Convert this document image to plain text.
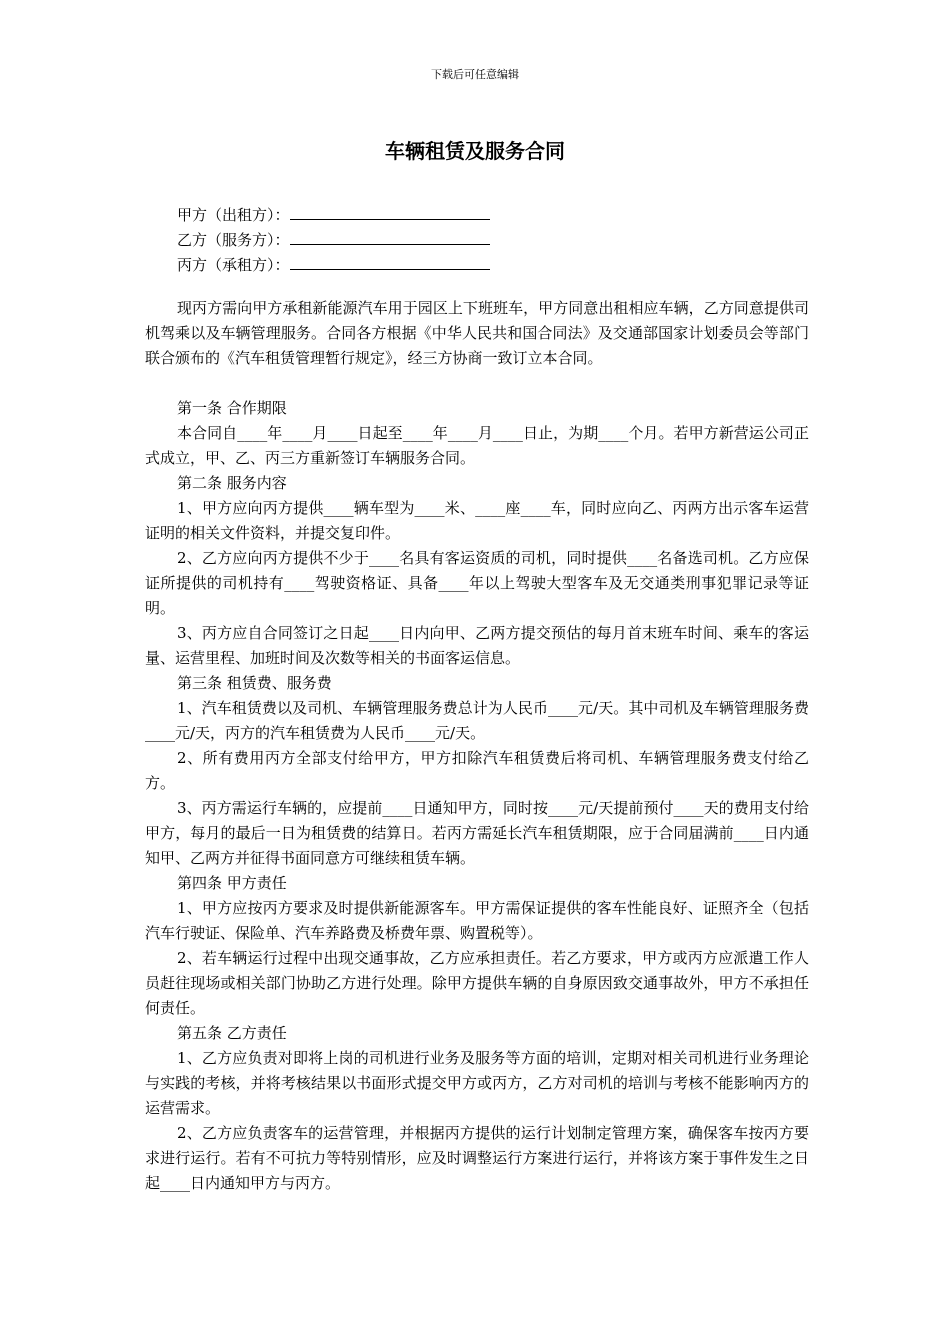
下载后可任意编辑
车辆租赁及服务合同
甲方（出租方）：
乙方（服务方）：
丙方（承租方）：

现丙方需向甲方承租新能源汽车用于园区上下班班车，甲方同意出租相应车辆，乙方同意提供司机驾乘以及车辆管理服务。合同各方根据《中华人民共和国合同法》及交通部国家计划委员会等部门联合颁布的《汽车租赁管理暂行规定》，经三方协商一致订立本合同。

第一条 合作期限

本合同自____年____月____日起至____年____月____日止，为期____个月。若甲方新营运公司正式成立，甲、乙、丙三方重新签订车辆服务合同。

第二条 服务内容

1、甲方应向丙方提供____辆车型为____米、____座____车，同时应向乙、丙两方出示客车运营证明的相关文件资料，并提交复印件。

2、乙方应向丙方提供不少于____名具有客运资质的司机，同时提供____名备选司机。乙方应保证所提供的司机持有____驾驶资格证、具备____年以上驾驶大型客车及无交通类刑事犯罪记录等证明。

3、丙方应自合同签订之日起____日内向甲、乙两方提交预估的每月首末班车时间、乘车的客运量、运营里程、加班时间及次数等相关的书面客运信息。

第三条 租赁费、服务费

1、汽车租赁费以及司机、车辆管理服务费总计为人民币____元/天。其中司机及车辆管理服务费____元/天，丙方的汽车租赁费为人民币____元/天。

2、所有费用丙方全部支付给甲方，甲方扣除汽车租赁费后将司机、车辆管理服务费支付给乙方。

3、丙方需运行车辆的，应提前____日通知甲方，同时按____元/天提前预付____天的费用支付给甲方，每月的最后一日为租赁费的结算日。若丙方需延长汽车租赁期限，应于合同届满前____日内通知甲、乙两方并征得书面同意方可继续租赁车辆。

第四条 甲方责任

1、甲方应按丙方要求及时提供新能源客车。甲方需保证提供的客车性能良好、证照齐全（包括汽车行驶证、保险单、汽车养路费及桥费年票、购置税等）。

2、若车辆运行过程中出现交通事故，乙方应承担责任。若乙方要求，甲方或丙方应派遣工作人员赶往现场或相关部门协助乙方进行处理。除甲方提供车辆的自身原因致交通事故外，甲方不承担任何责任。

第五条 乙方责任

1、乙方应负责对即将上岗的司机进行业务及服务等方面的培训，定期对相关司机进行业务理论与实践的考核，并将考核结果以书面形式提交甲方或丙方，乙方对司机的培训与考核不能影响丙方的运营需求。

2、乙方应负责客车的运营管理，并根据丙方提供的运行计划制定管理方案，确保客车按丙方要求进行运行。若有不可抗力等特别情形，应及时调整运行方案进行运行，并将该方案于事件发生之日起____日内通知甲方与丙方。
